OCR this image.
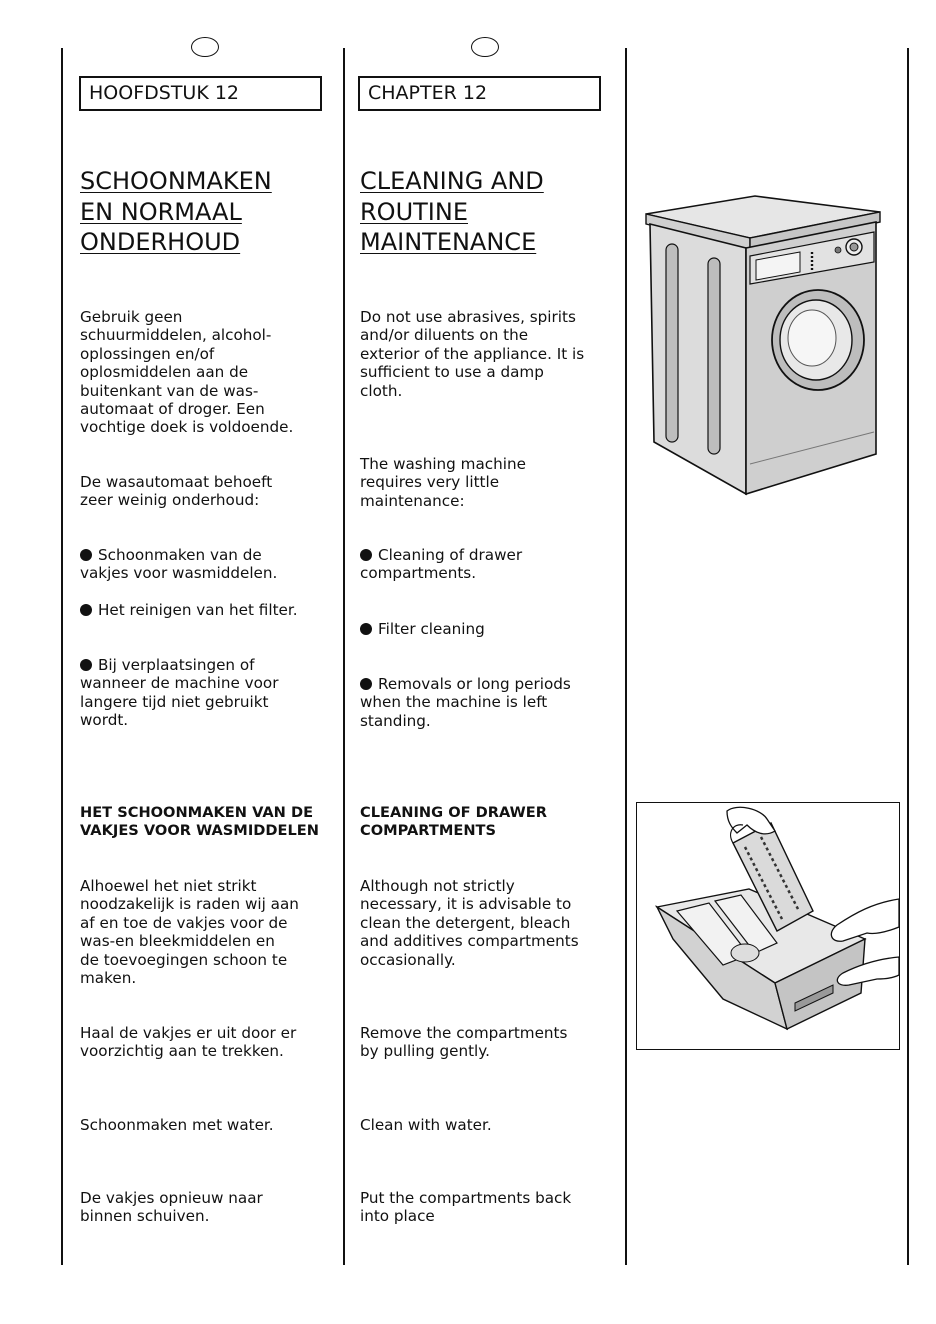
HOOFDSTUK 12
SCHOONMAKEN
EN NORMAAL
ONDERHOUD

Gebruik geen
schuurmiddelen, alcohol-
oplossingen en/of
oplosmiddelen aan de
buitenkant van de was-
automaat of droger. Een
vochtige doek is voldoende.

De wasautomaat behoeft
zeer weinig onderhoud:

Schoonmaken van de
vakjes voor wasmiddelen.

Het reinigen van het filter.

Bij verplaatsingen of
wanneer de machine voor
langere tijd niet gebruikt
wordt.

HET SCHOONMAKEN VAN DE
VAKJES VOOR WASMIDDELEN

Alhoewel het niet strikt
noodzakelijk is raden wij aan
af en toe de vakjes voor de
was-en bleekmiddelen en
de toevoegingen schoon te
maken.

Haal de vakjes er uit door er
voorzichtig aan te trekken.

Schoonmaken met water.

De vakjes opnieuw naar
binnen schuiven.

CHAPTER 12
CLEANING AND
ROUTINE
MAINTENANCE

Do not use abrasives, spirits
and/or diluents on the
exterior of the appliance. It is
sufficient to use a damp
cloth.

The washing machine
requires very little
maintenance:

Cleaning of drawer
compartments.

Filter cleaning

Removals or long periods
when the machine is left
standing.

CLEANING OF DRAWER
COMPARTMENTS

Although not strictly
necessary, it is advisable to
clean the detergent, bleach
and additives compartments
occasionally.

Remove the compartments
by pulling gently.

Clean with water.

Put the compartments back
into place
